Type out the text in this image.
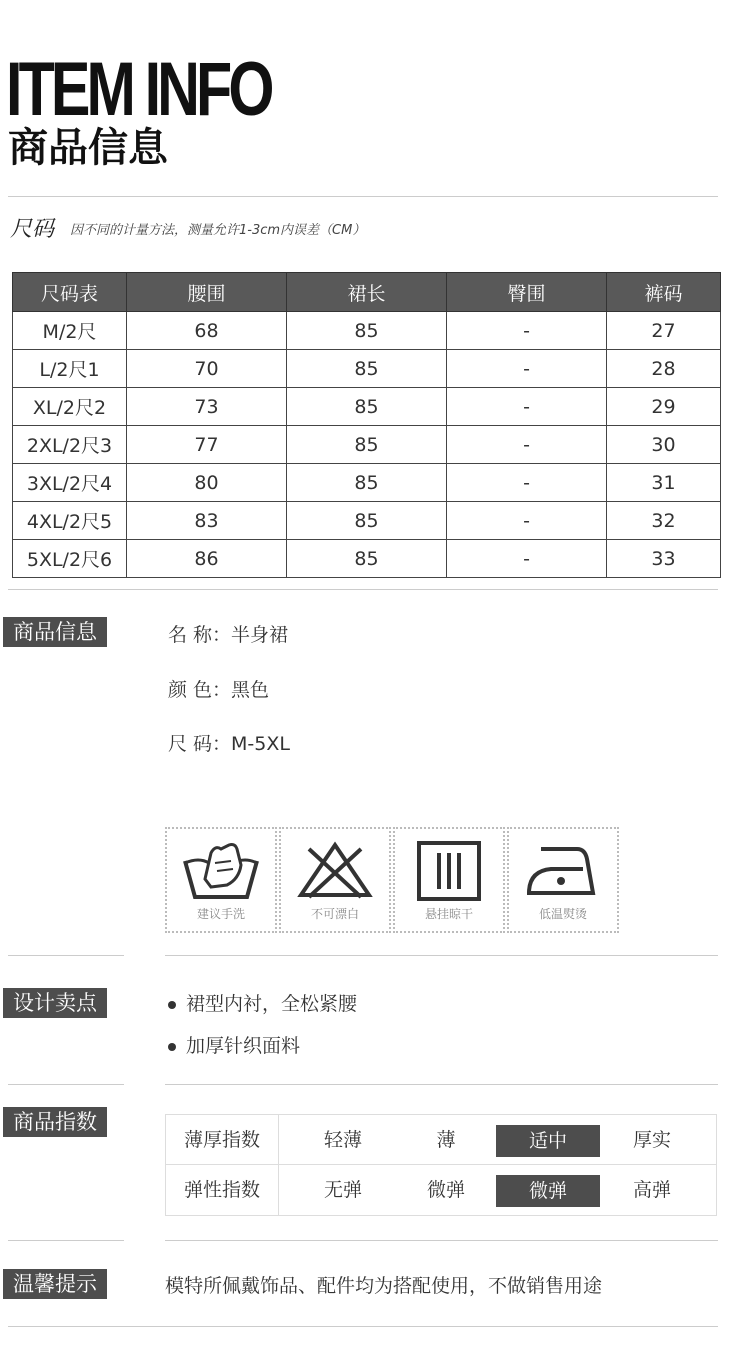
ITEM INFO
商品信息
尺码 因不同的计量方法，测量允许1-3cm内误差（CM）
尺码表	腰围	裙长	臀围	裤码
M/2尺	68	85	-	27
L/2尺1	70	85	-	28
XL/2尺2	73	85	-	29
2XL/2尺3	77	85	-	30
3XL/2尺4	80	85	-	31
4XL/2尺5	83	85	-	32
5XL/2尺6	86	85	-	33
商品信息	名 称：半身裙
颜 色：黑色
尺 码：M-5XL
建议手洗	不可漂白	悬挂晾干	低温熨烫
设计卖点	裙型内衬，全松紧腰
加厚针织面料
商品指数
薄厚指数	轻薄	薄	适中	厚实
弹性指数	无弹	微弹	微弹	高弹
温馨提示	模特所佩戴饰品、配件均为搭配使用，不做销售用途
